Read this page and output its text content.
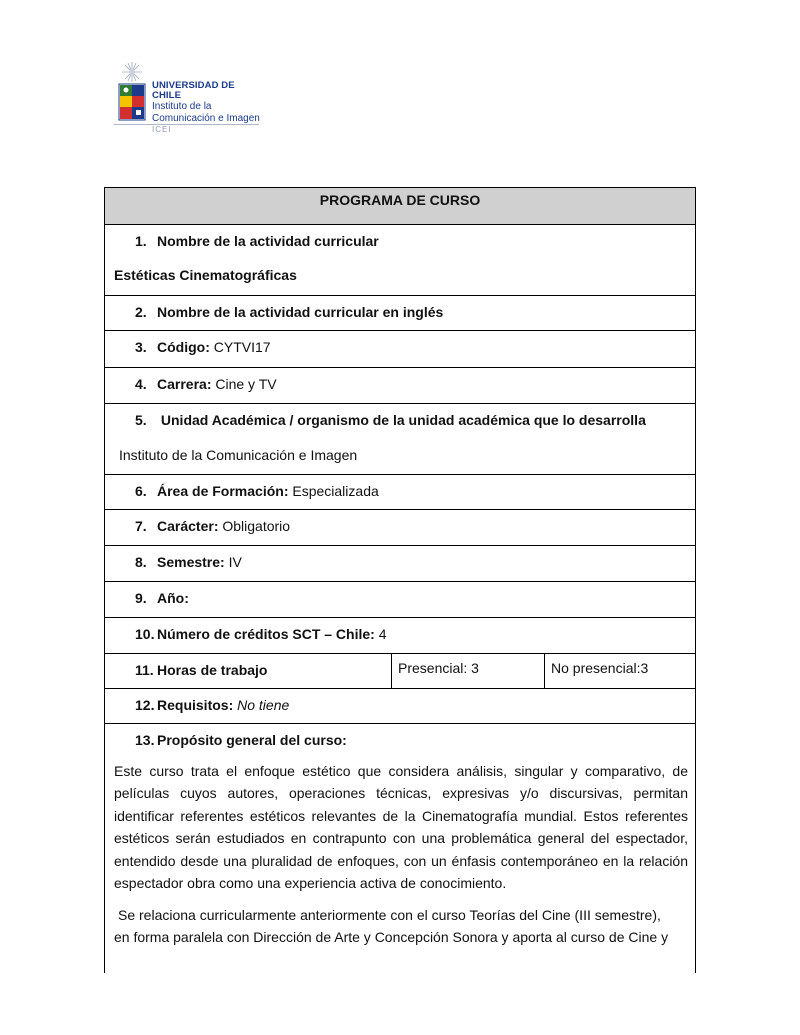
UNIVERSIDAD DE CHILE
Instituto de la
Comunicación e Imagen
ICEI
PROGRAMA DE CURSO
1. Nombre de la actividad curricular
Estéticas Cinematográficas
2. Nombre de la actividad curricular en inglés
3. Código: CYTVI17
4. Carrera: Cine y TV
5. Unidad Académica / organismo de la unidad académica que lo desarrolla
Instituto de la Comunicación e Imagen
6. Área de Formación: Especializada
7. Carácter: Obligatorio
8. Semestre: IV
9. Año:
10. Número de créditos SCT – Chile: 4
11. Horas de trabajo	Presencial: 3	No presencial:3
12. Requisitos: No tiene
13. Propósito general del curso:
Este curso trata el enfoque estético que considera análisis, singular y comparativo, de películas cuyos autores, operaciones técnicas, expresivas y/o discursivas, permitan identificar referentes estéticos relevantes de la Cinematografía mundial. Estos referentes estéticos serán estudiados en contrapunto con una problemática general del espectador, entendido desde una pluralidad de enfoques, con un énfasis contemporáneo en la relación espectador obra como una experiencia activa de conocimiento.
Se relaciona curricularmente anteriormente con el curso Teorías del Cine (III semestre),
en forma paralela con Dirección de Arte y Concepción Sonora y aporta al curso de Cine y
